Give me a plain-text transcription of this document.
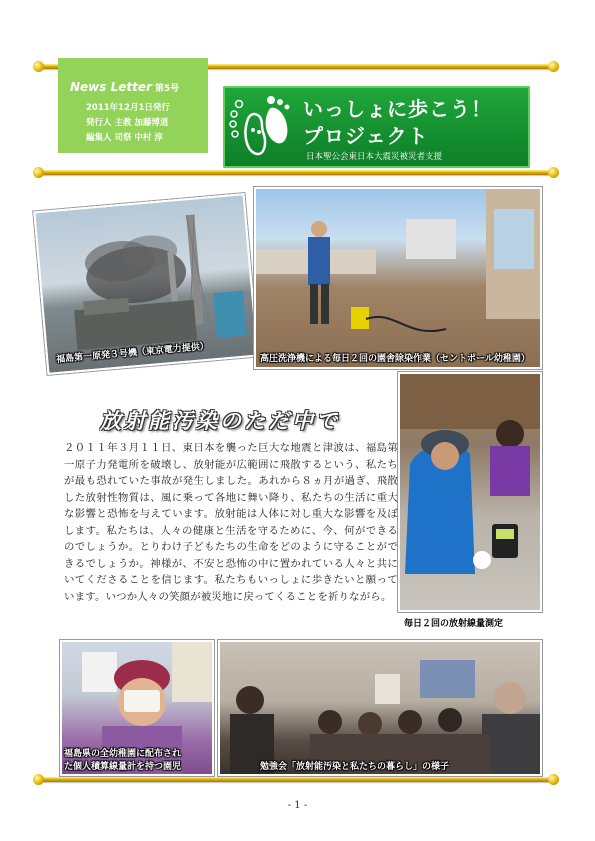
News Letter 第5号
2011年12月1日発行
発行人 主教 加藤博道
編集人 司祭 中村 淳
いっしょに歩こう！
プロジェクト
日本聖公会東日本大震災被災者支援
福島第一原発３号機（東京電力提供）	高圧洗浄機による毎日２回の園舎除染作業（セントポール幼稚園）
毎日２回の放射線量測定
放射能汚染のただ中で
２０１１年３月１１日、東日本を襲った巨大な地震と津波は、福島第一原子力発電所を破壊し、放射能が広範囲に飛散するという、私たちが最も恐れていた事故が発生しました。あれから８ヵ月が過ぎ、飛散した放射性物質は、風に乗って各地に舞い降り、私たちの生活に重大な影響と恐怖を与えています。放射能は人体に対し重大な影響を及ぼします。私たちは、人々の健康と生活を守るために、今、何ができるのでしょうか。とりわけ子どもたちの生命をどのように守ることができるでしょうか。神様が、不安と恐怖の中に置かれている人々と共にいてくださることを信じます。私たちもいっしょに歩きたいと願っています。いつか人々の笑顔が被災地に戻ってくることを祈りながら。
福島県の全幼稚園に配布され
た個人積算線量計を持つ園児	勉強会「放射能汚染と私たちの暮らし」の様子
- 1 -
